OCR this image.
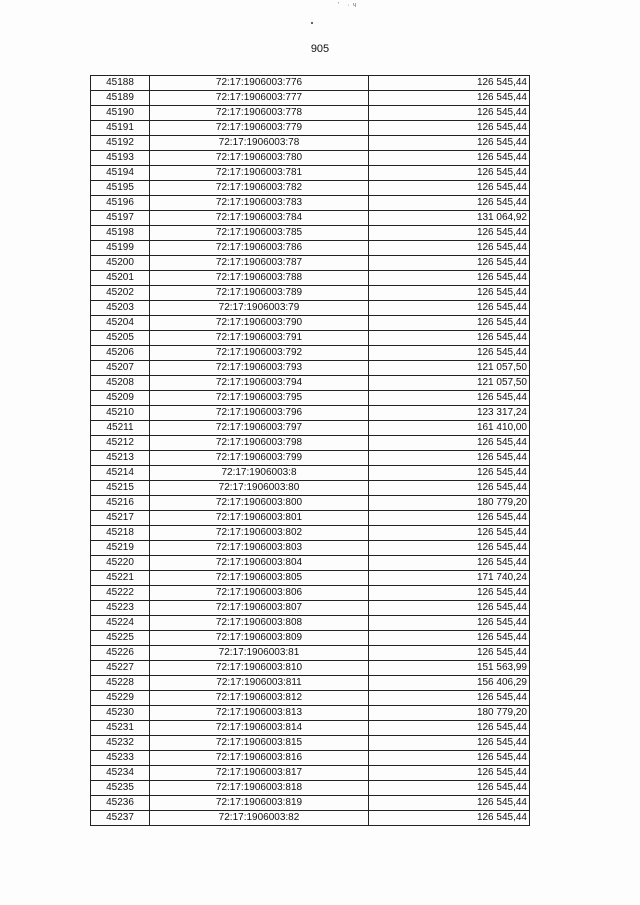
' ·ч
905
45188	72:17:1906003:776	126 545,44
45189	72:17:1906003:777	126 545,44
45190	72:17:1906003:778	126 545,44
45191	72:17:1906003:779	126 545,44
45192	72:17:1906003:78	126 545,44
45193	72:17:1906003:780	126 545,44
45194	72:17:1906003:781	126 545,44
45195	72:17:1906003:782	126 545,44
45196	72:17:1906003:783	126 545,44
45197	72:17:1906003:784	131 064,92
45198	72:17:1906003:785	126 545,44
45199	72:17:1906003:786	126 545,44
45200	72:17:1906003:787	126 545,44
45201	72:17:1906003:788	126 545,44
45202	72:17:1906003:789	126 545,44
45203	72:17:1906003:79	126 545,44
45204	72:17:1906003:790	126 545,44
45205	72:17:1906003:791	126 545,44
45206	72:17:1906003:792	126 545,44
45207	72:17:1906003:793	121 057,50
45208	72:17:1906003:794	121 057,50
45209	72:17:1906003:795	126 545,44
45210	72:17:1906003:796	123 317,24
45211	72:17:1906003:797	161 410,00
45212	72:17:1906003:798	126 545,44
45213	72:17:1906003:799	126 545,44
45214	72:17:1906003:8	126 545,44
45215	72:17:1906003:80	126 545,44
45216	72:17:1906003:800	180 779,20
45217	72:17:1906003:801	126 545,44
45218	72:17:1906003:802	126 545,44
45219	72:17:1906003:803	126 545,44
45220	72:17:1906003:804	126 545,44
45221	72:17:1906003:805	171 740,24
45222	72:17:1906003:806	126 545,44
45223	72:17:1906003:807	126 545,44
45224	72:17:1906003:808	126 545,44
45225	72:17:1906003:809	126 545,44
45226	72:17:1906003:81	126 545,44
45227	72:17:1906003:810	151 563,99
45228	72:17:1906003:811	156 406,29
45229	72:17:1906003:812	126 545,44
45230	72:17:1906003:813	180 779,20
45231	72:17:1906003:814	126 545,44
45232	72:17:1906003:815	126 545,44
45233	72:17:1906003:816	126 545,44
45234	72:17:1906003:817	126 545,44
45235	72:17:1906003:818	126 545,44
45236	72:17:1906003:819	126 545,44
45237	72:17:1906003:82	126 545,44
